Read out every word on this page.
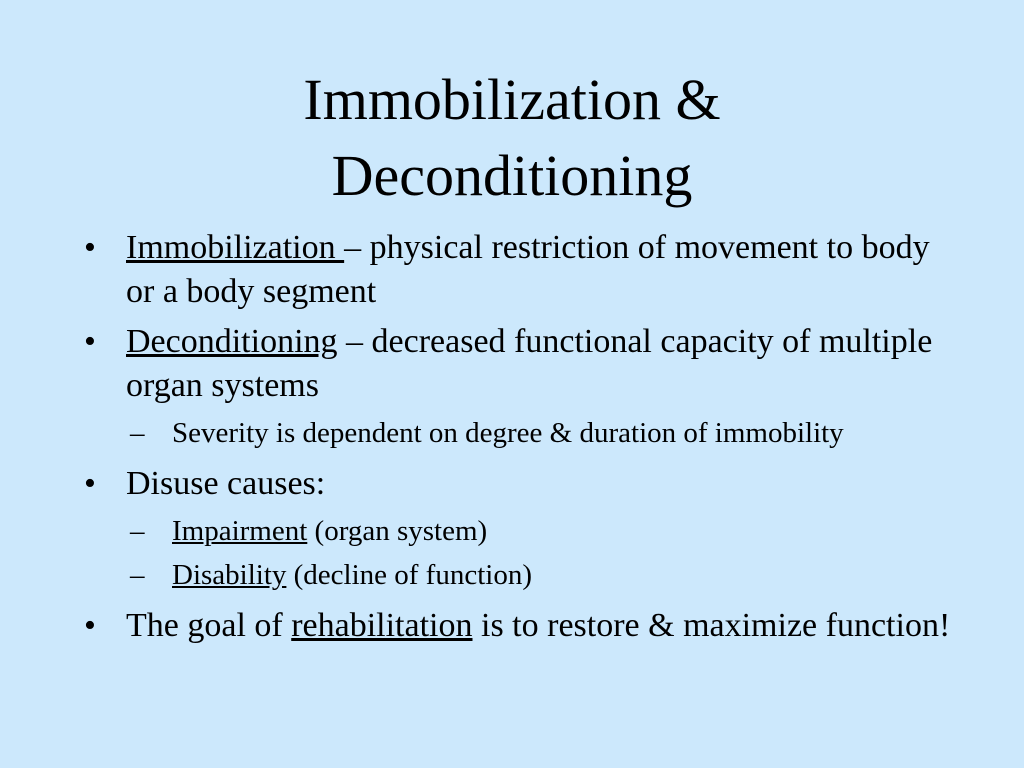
Immobilization &
Deconditioning
• Immobilization – physical restriction of movement to body or a body segment
• Deconditioning – decreased functional capacity of multiple organ systems
– Severity is dependent on degree & duration of immobility
• Disuse causes:
– Impairment (organ system)
– Disability (decline of function)
• The goal of rehabilitation is to restore & maximize function!
